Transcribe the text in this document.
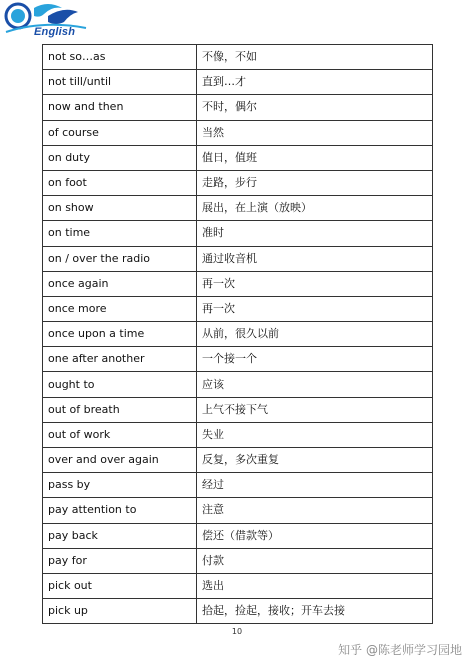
English
not so…as	不像，不如
not till/until	直到…才
now and then	不时，偶尔
of course	当然
on duty	值日，值班
on foot	走路，步行
on show	展出，在上演（放映）
on time	准时
on / over the radio	通过收音机
once again	再一次
once more	再一次
once upon a time	从前，很久以前
one after another	一个接一个
ought to	应该
out of breath	上气不接下气
out of work	失业
over and over again	反复，多次重复
pass by	经过
pay attention to	注意
pay back	偿还（借款等）
pay for	付款
pick out	选出
pick up	拾起，捡起，接收；开车去接
10
知乎 @陈老师学习园地
